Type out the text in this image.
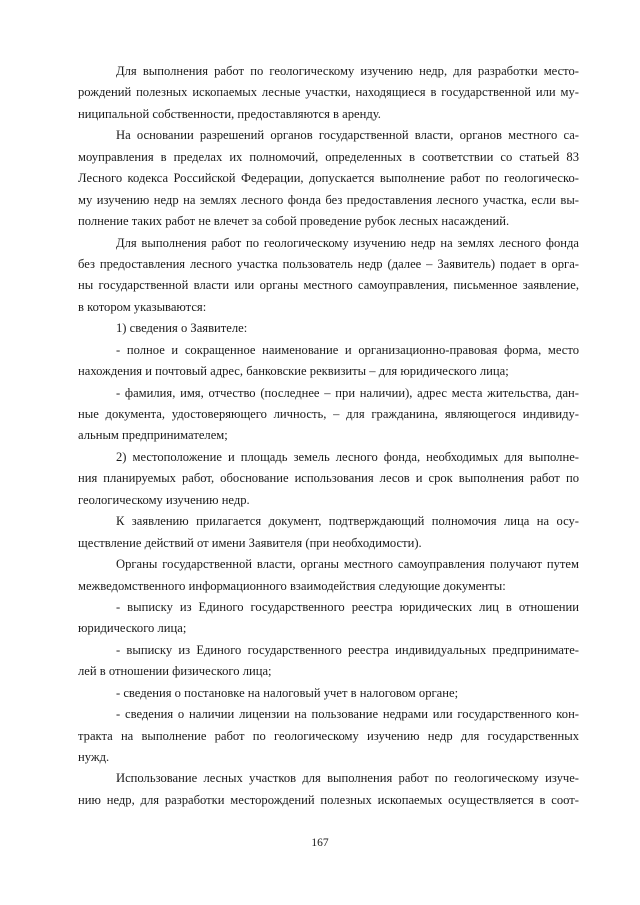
Для выполнения работ по геологическому изучению недр, для разработки место-
рождений полезных ископаемых лесные участки, находящиеся в государственной или му-
ниципальной собственности, предоставляются в аренду.
На основании разрешений органов государственной власти, органов местного са-
моуправления в пределах их полномочий, определенных в соответствии со статьей 83
Лесного кодекса Российской Федерации, допускается выполнение работ по геологическо-
му изучению недр на землях лесного фонда без предоставления лесного участка, если вы-
полнение таких работ не влечет за собой проведение рубок лесных насаждений.
Для выполнения работ по геологическому изучению недр на землях лесного фонда
без предоставления лесного участка пользователь недр (далее – Заявитель) подает в орга-
ны государственной власти или органы местного самоуправления, письменное заявление,
в котором указываются:
1) сведения о Заявителе:
- полное и сокращенное наименование и организационно-правовая форма, место
нахождения и почтовый адрес, банковские реквизиты – для юридического лица;
- фамилия, имя, отчество (последнее – при наличии), адрес места жительства, дан-
ные документа, удостоверяющего личность, – для гражданина, являющегося индивиду-
альным предпринимателем;
2) местоположение и площадь земель лесного фонда, необходимых для выполне-
ния планируемых работ, обоснование использования лесов и срок выполнения работ по
геологическому изучению недр.
К заявлению прилагается документ, подтверждающий полномочия лица на осу-
ществление действий от имени Заявителя (при необходимости).
Органы государственной власти, органы местного самоуправления получают путем
межведомственного информационного взаимодействия следующие документы:
- выписку из Единого государственного реестра юридических лиц в отношении
юридического лица;
- выписку из Единого государственного реестра индивидуальных предпринимате-
лей в отношении физического лица;
- сведения о постановке на налоговый учет в налоговом органе;
- сведения о наличии лицензии на пользование недрами или государственного кон-
тракта на выполнение работ по геологическому изучению недр для государственных
нужд.
Использование лесных участков для выполнения работ по геологическому изуче-
нию недр, для разработки месторождений полезных ископаемых осуществляется в соот-
167
